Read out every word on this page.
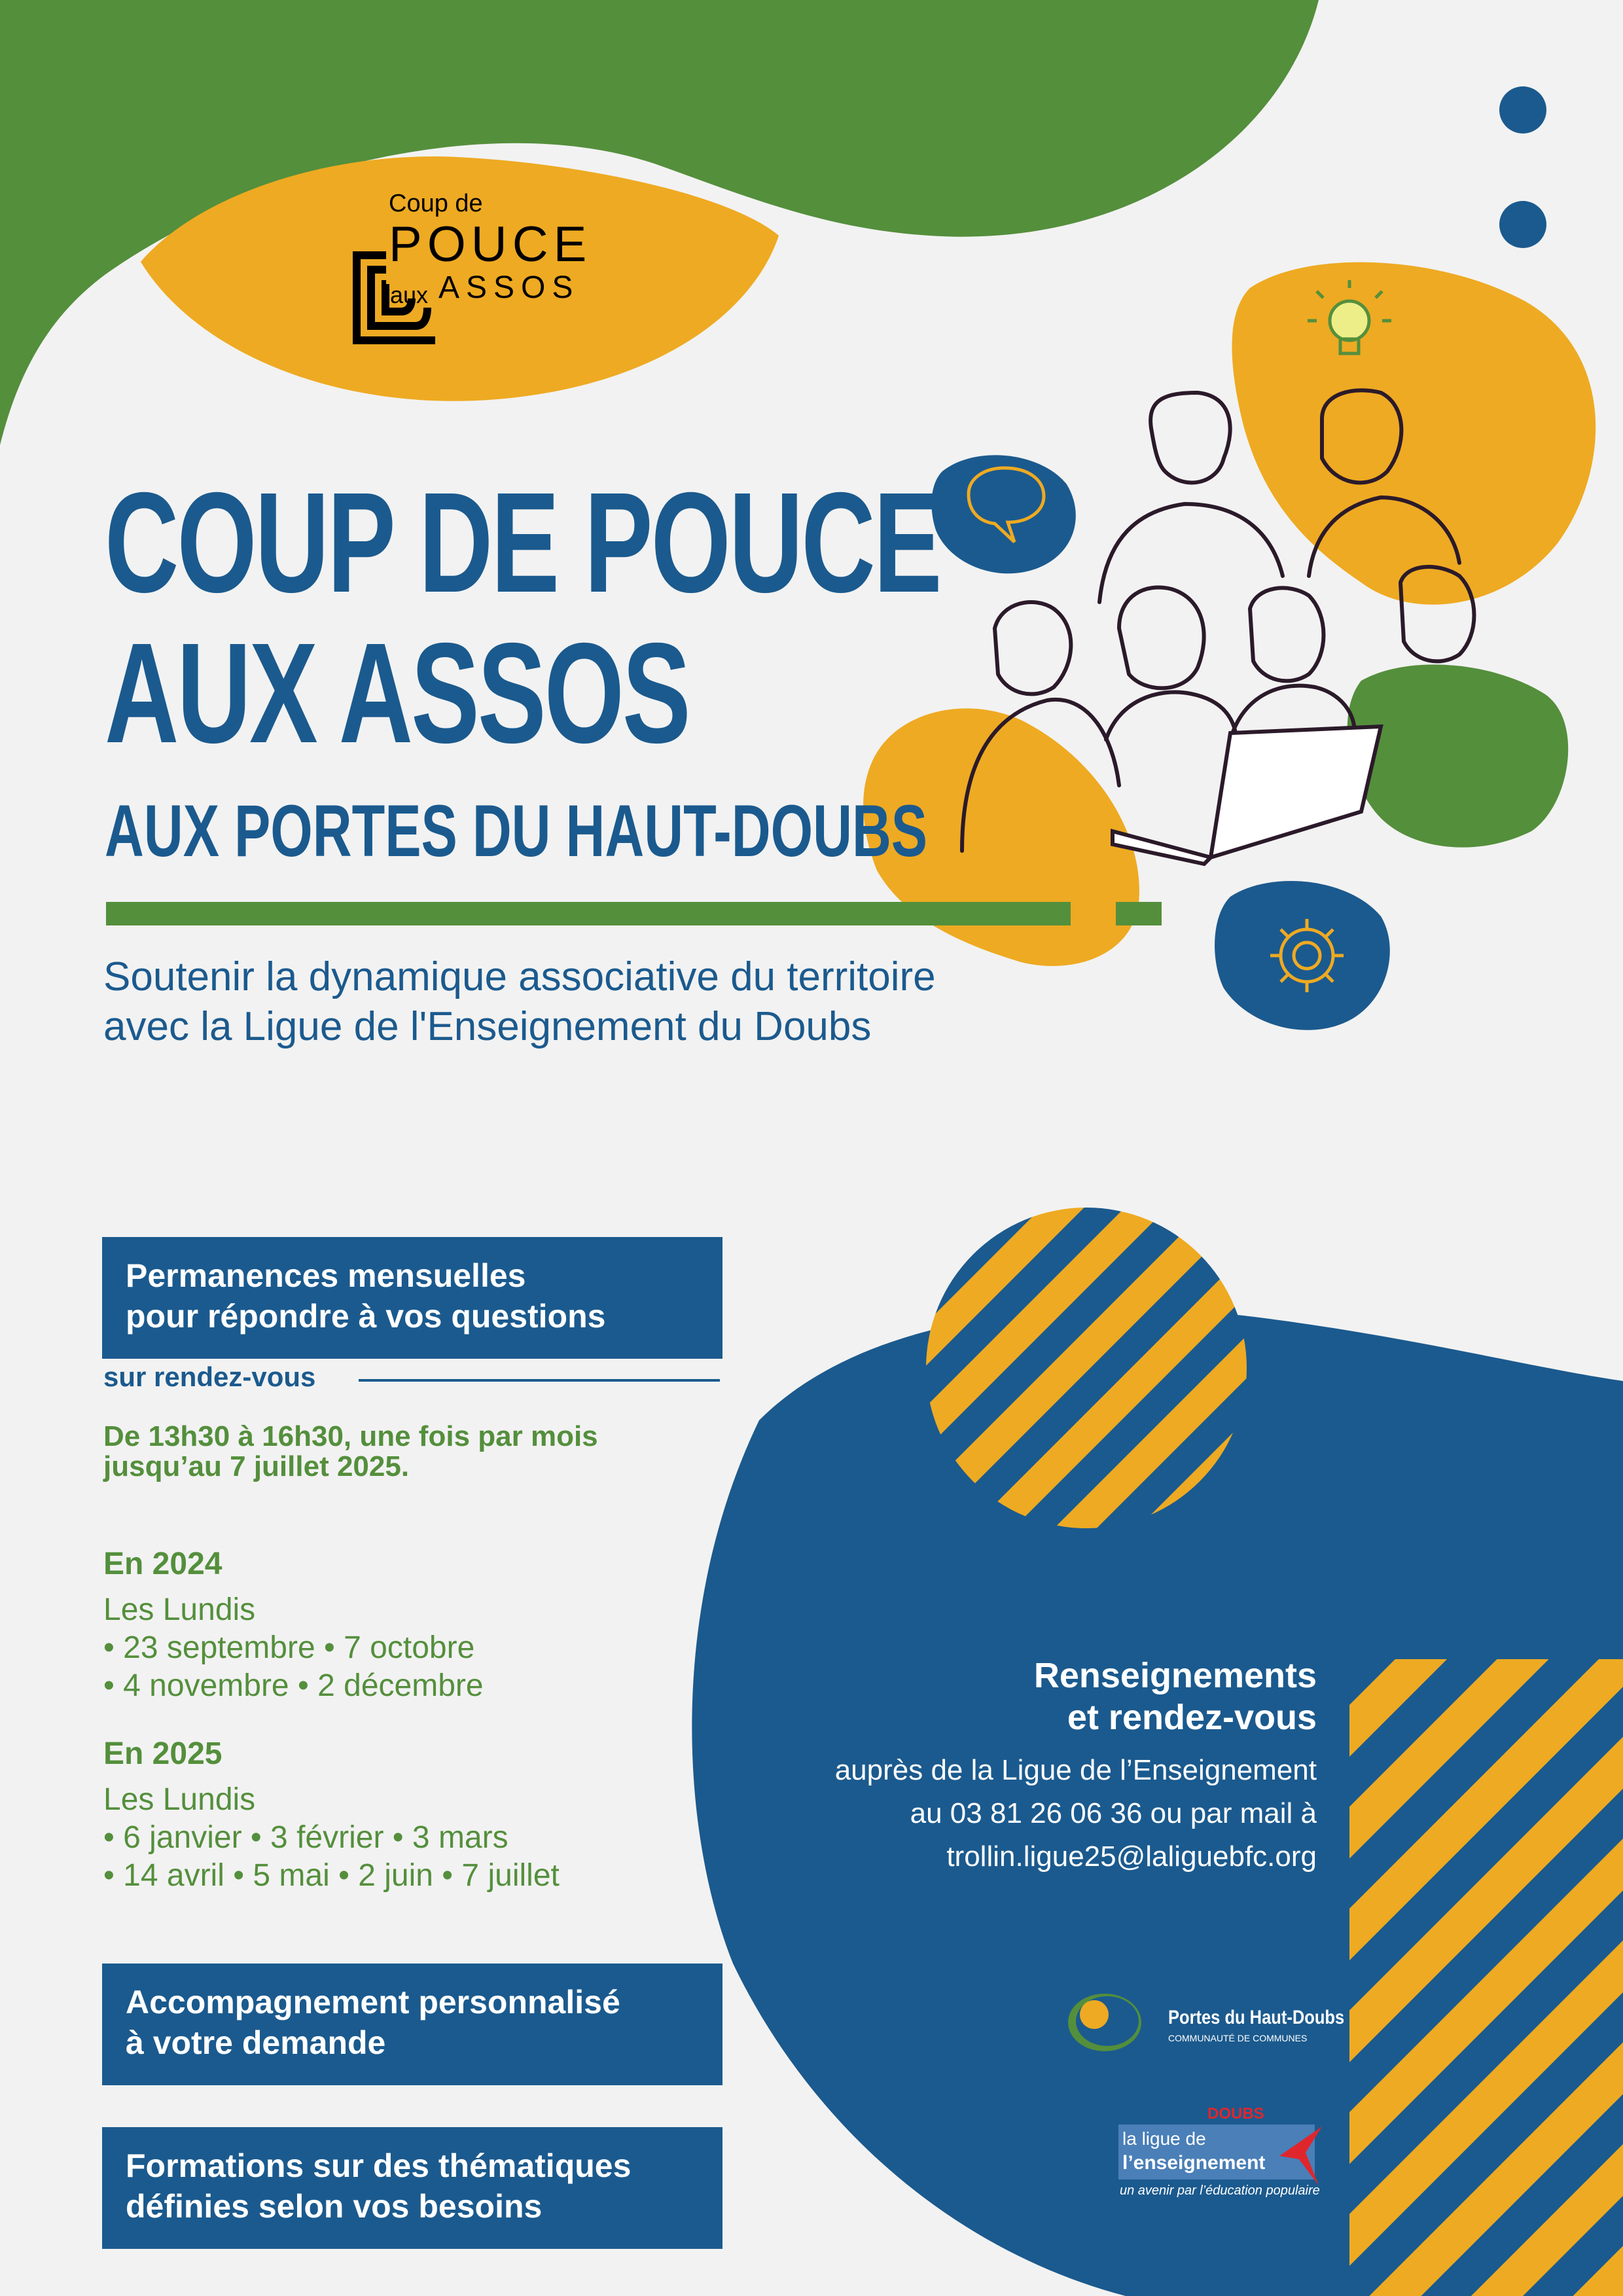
Coup de
POUCE
aux ASSOS
COUP DE POUCE
AUX ASSOS
AUX PORTES DU HAUT-DOUBS
Soutenir la dynamique associative du territoire
avec la Ligue de l'Enseignement du Doubs
Permanences mensuelles
pour répondre à vos questions
sur rendez-vous
De 13h30 à 16h30, une fois par mois
jusqu’au 7 juillet 2025.
En 2024
Les Lundis
• 23 septembre • 7 octobre
• 4 novembre • 2 décembre
En 2025
Les Lundis
• 6 janvier • 3 février • 3 mars
• 14 avril • 5 mai • 2 juin • 7 juillet
Accompagnement personnalisé
à votre demande
Formations sur des thématiques
définies selon vos besoins
Renseignements
et rendez-vous

auprès de la Ligue de l’Enseignement
au 03 81 26 06 36 ou par mail à
trollin.ligue25@laliguebfc.org

Portes du Haut-Doubs
COMMUNAUTÉ DE COMMUNES
DOUBS
la ligue de
l’enseignement
un avenir par l’éducation populaire
